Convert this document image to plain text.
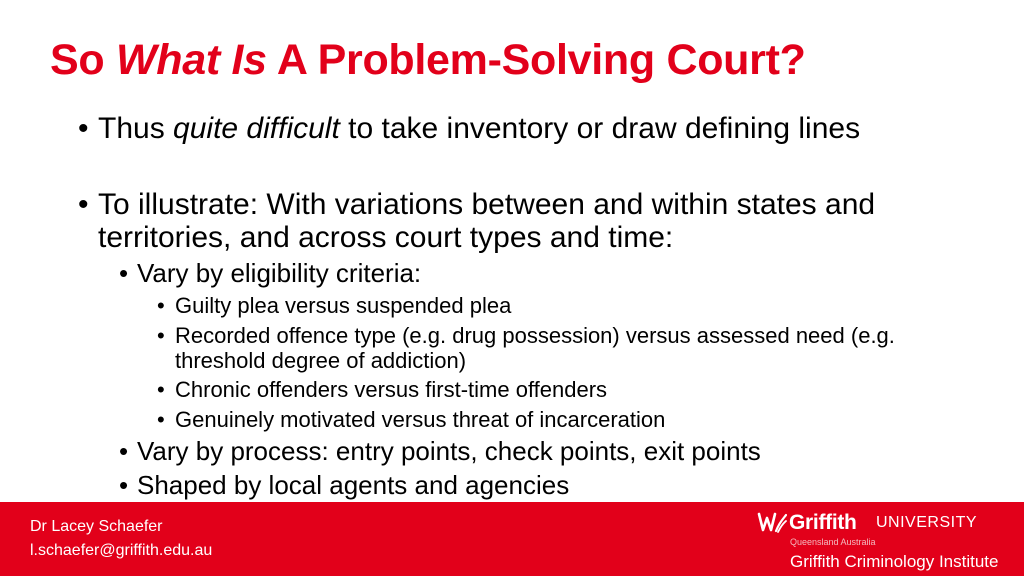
So What Is A Problem-Solving Court?
• Thus quite difficult to take inventory or draw defining lines
• To illustrate: With variations between and within states and territories, and across court types and time:
• Vary by eligibility criteria:
• Guilty plea versus suspended plea
• Recorded offence type (e.g. drug possession) versus assessed need (e.g. threshold degree of addiction)
• Chronic offenders versus first-time offenders
• Genuinely motivated versus threat of incarceration
• Vary by process: entry points, check points, exit points
• Shaped by local agents and agencies
Dr Lacey Schaefer
l.schaefer@griffith.edu.au
Griffith UNIVERSITY
Queensland Australia
Griffith Criminology Institute
